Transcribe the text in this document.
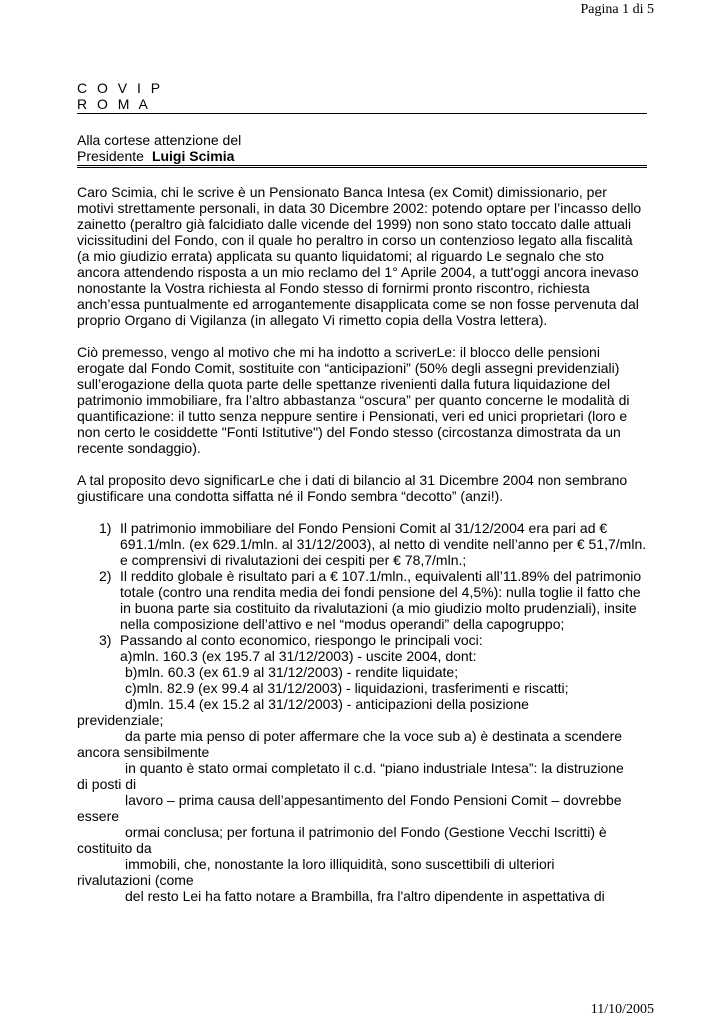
Pagina 1 di 5
C O V I P
R O M A
Alla cortese attenzione del
Presidente Luigi Scimia

Caro Scimia, chi le scrive è un Pensionato Banca Intesa (ex Comit) dimissionario, per motivi strettamente personali, in data 30 Dicembre 2002: potendo optare per l’incasso dello zainetto (peraltro già falcidiato dalle vicende del 1999) non sono stato toccato dalle attuali vicissitudini del Fondo, con il quale ho peraltro in corso un contenzioso legato alla fiscalità (a mio giudizio errata) applicata su quanto liquidatomi; al riguardo Le segnalo che sto ancora attendendo risposta a un mio reclamo del 1° Aprile 2004, a tutt'oggi ancora inevaso nonostante la Vostra richiesta al Fondo stesso di fornirmi pronto riscontro, richiesta anch’essa puntualmente ed arrogantemente disapplicata come se non fosse pervenuta dal proprio Organo di Vigilanza (in allegato Vi rimetto copia della Vostra lettera).

Ciò premesso, vengo al motivo che mi ha indotto a scriverLe: il blocco delle pensioni erogate dal Fondo Comit, sostituite con “anticipazioni” (50% degli assegni previdenziali) sull’erogazione della quota parte delle spettanze rivenienti dalla futura liquidazione del patrimonio immobiliare, fra l’altro abbastanza “oscura” per quanto concerne le modalità di quantificazione: il tutto senza neppure sentire i Pensionati, veri ed unici proprietari (loro e non certo le cosiddette "Fonti Istitutive") del Fondo stesso (circostanza dimostrata da un recente sondaggio).

A tal proposito devo significarLe che i dati di bilancio al 31 Dicembre 2004 non sembrano giustificare una condotta siffatta né il Fondo sembra “decotto” (anzi!).

1) Il patrimonio immobiliare del Fondo Pensioni Comit al 31/12/2004 era pari ad € 691.1/mln. (ex 629.1/mln. al 31/12/2003), al netto di vendite nell’anno per € 51,7/mln. e comprensivi di rivalutazioni dei cespiti per € 78,7/mln.;
2) Il reddito globale è risultato pari a € 107.1/mln., equivalenti all’11.89% del patrimonio totale (contro una rendita media dei fondi pensione del 4,5%): nulla toglie il fatto che in buona parte sia costituito da rivalutazioni (a mio giudizio molto prudenziali), insite nella composizione dell’attivo e nel “modus operandi” della capogruppo;
3) Passando al conto economico, riespongo le principali voci:
a)mln. 160.3 (ex 195.7 al 31/12/2003) - uscite 2004, dont:
b)mln. 60.3 (ex 61.9 al 31/12/2003) - rendite liquidate;
c)mln. 82.9 (ex 99.4 al 31/12/2003) - liquidazioni, trasferimenti e riscatti;
d)mln. 15.4 (ex 15.2 al 31/12/2003) - anticipazioni della posizione
previdenziale;
da parte mia penso di poter affermare che la voce sub a) è destinata a scendere
ancora sensibilmente
in quanto è stato ormai completato il c.d. “piano industriale Intesa”: la distruzione
di posti di
lavoro – prima causa dell’appesantimento del Fondo Pensioni Comit – dovrebbe
essere
ormai conclusa; per fortuna il patrimonio del Fondo (Gestione Vecchi Iscritti) è
costituito da
immobili, che, nonostante la loro illiquidità, sono suscettibili di ulteriori
rivalutazioni (come
del resto Lei ha fatto notare a Brambilla, fra l'altro dipendente in aspettativa di
11/10/2005
